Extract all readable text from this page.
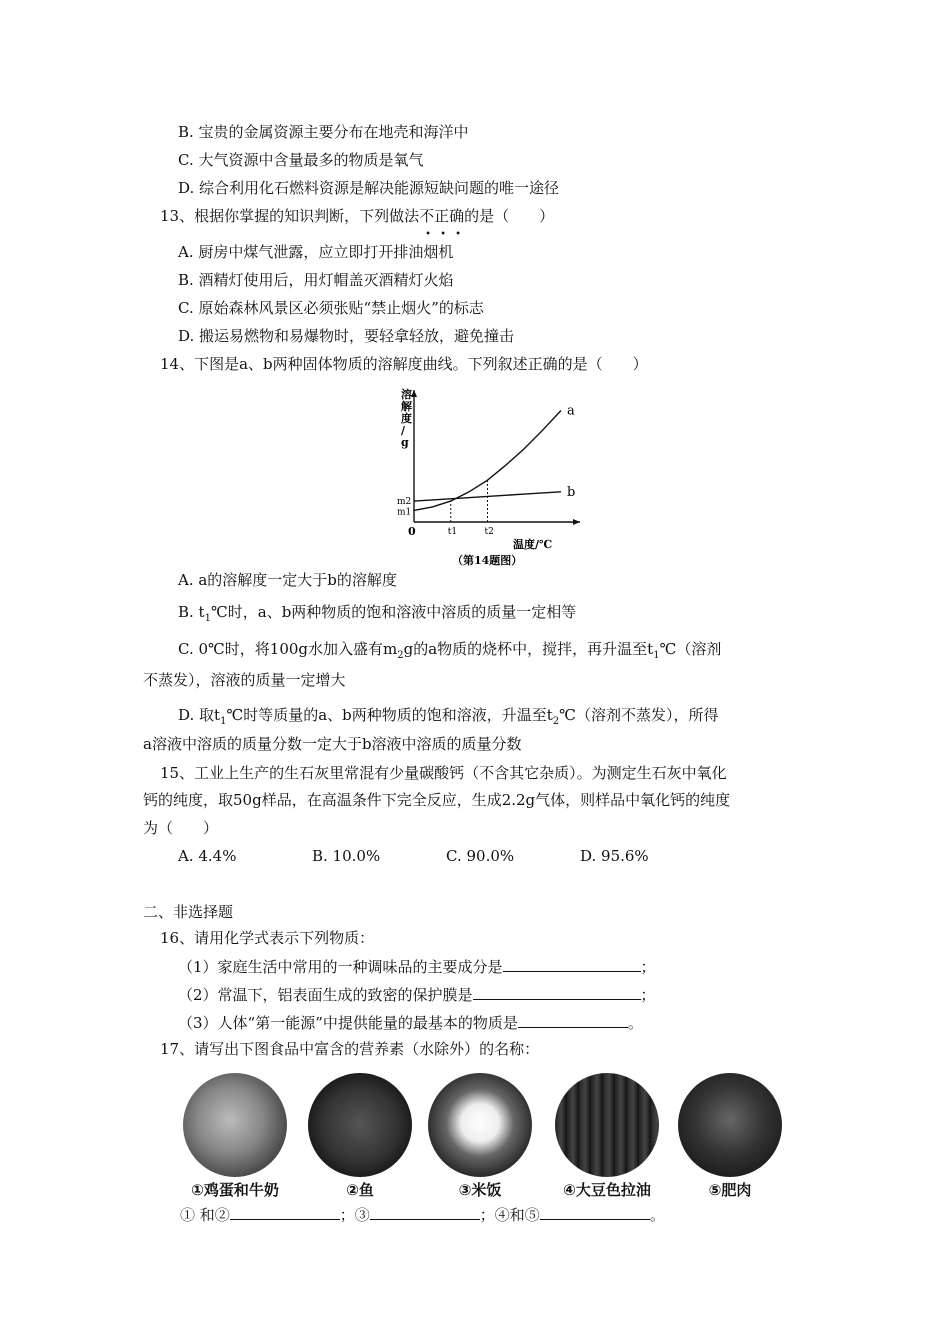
B. 宝贵的金属资源主要分布在地壳和海洋中
C. 大气资源中含量最多的物质是氧气
D. 综合利用化石燃料资源是解决能源短缺问题的唯一途径
13、根据你掌握的知识判断，下列做法不正确
• • •
的是（　　）
A. 厨房中煤气泄露，应立即打开排油烟机
B. 酒精灯使用后，用灯帽盖灭酒精灯火焰
C. 原始森林风景区必须张贴“禁止烟火”的标志
D. 搬运易燃物和易爆物时，要轻拿轻放，避免撞击
14、下图是a、b两种固体物质的溶解度曲线。下列叙述正确的是（　　）
a
b
t1	t2
m2
m1
0
溶解度/ g
温度/℃
（第14题图）
A. a的溶解度一定大于b的溶解度
B. $t_1℃$时，a、b两种物质的饱和溶液中溶质的质量一定相等
C. 0℃时，将100g水加入盛有$m_2g$的a物质的烧杯中，搅拌，再升温至$t_1℃$（溶剂
不蒸发），溶液的质量一定增大
D. 取$t_1℃$时等质量的a、b两种物质的饱和溶液，升温至$t_2℃$（溶剂不蒸发），所得
a溶液中溶质的质量分数一定大于b溶液中溶质的质量分数
15、工业上生产的生石灰里常混有少量碳酸钙（不含其它杂质）。为测定生石灰中氧化
钙的纯度，取50g样品，在高温条件下完全反应，生成2.2g气体，则样品中氧化钙的纯度
为（　　）
A. 4.4%	B. 10.0%	C. 90.0%	D. 95.6%
二、非选择题
16、请用化学式表示下列物质：
（1）家庭生活中常用的一种调味品的主要成分是	；
（2）常温下，铝表面生成的致密的保护膜是	；
（3）人体“第一能源”中提供能量的最基本的物质是	。
17、请写出下图食品中富含的营养素（水除外）的名称：
①鸡蛋和牛奶	②鱼	③米饭	④大豆色拉油	⑤肥肉
① 和②	；③	；④和⑤	。
